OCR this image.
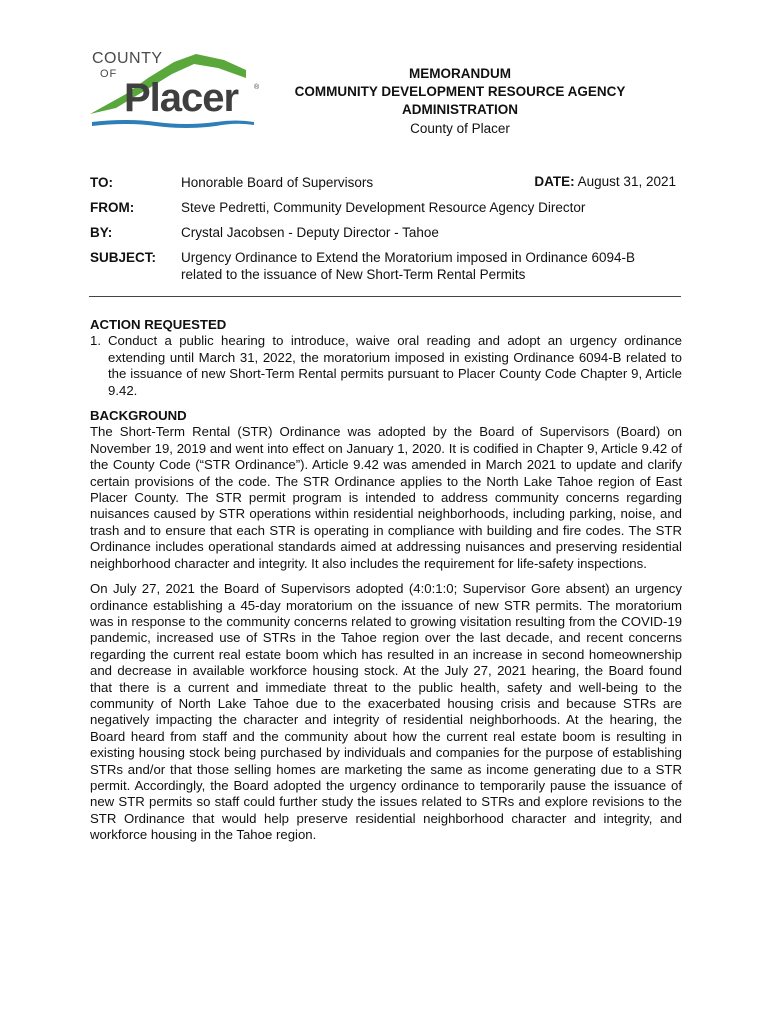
COUNTY
OF
Placer ®
MEMORANDUM
COMMUNITY DEVELOPMENT RESOURCE AGENCY
ADMINISTRATION
County of Placer
TO:	Honorable Board of Supervisors	DATE: August 31, 2021
FROM:	Steve Pedretti, Community Development Resource Agency Director
BY:	Crystal Jacobsen - Deputy Director - Tahoe
SUBJECT: Urgency Ordinance to Extend the Moratorium imposed in Ordinance 6094-B related to the issuance of New Short-Term Rental Permits
ACTION REQUESTED
1. Conduct a public hearing to introduce, waive oral reading and adopt an urgency ordinance extending until March 31, 2022, the moratorium imposed in existing Ordinance 6094-B related to the issuance of new Short-Term Rental permits pursuant to Placer County Code Chapter 9, Article 9.42.
BACKGROUND

The Short-Term Rental (STR) Ordinance was adopted by the Board of Supervisors (Board) on November 19, 2019 and went into effect on January 1, 2020. It is codified in Chapter 9, Article 9.42 of the County Code (“STR Ordinance”). Article 9.42 was amended in March 2021 to update and clarify certain provisions of the code. The STR Ordinance applies to the North Lake Tahoe region of East Placer County. The STR permit program is intended to address community concerns regarding nuisances caused by STR operations within residential neighborhoods, including parking, noise, and trash and to ensure that each STR is operating in compliance with building and fire codes. The STR Ordinance includes operational standards aimed at addressing nuisances and preserving residential neighborhood character and integrity. It also includes the requirement for life-safety inspections.

On July 27, 2021 the Board of Supervisors adopted (4:0:1:0; Supervisor Gore absent) an urgency ordinance establishing a 45-day moratorium on the issuance of new STR permits. The moratorium was in response to the community concerns related to growing visitation resulting from the COVID-19 pandemic, increased use of STRs in the Tahoe region over the last decade, and recent concerns regarding the current real estate boom which has resulted in an increase in second homeownership and decrease in available workforce housing stock. At the July 27, 2021 hearing, the Board found that there is a current and immediate threat to the public health, safety and well-being to the community of North Lake Tahoe due to the exacerbated housing crisis and because STRs are negatively impacting the character and integrity of residential neighborhoods. At the hearing, the Board heard from staff and the community about how the current real estate boom is resulting in existing housing stock being purchased by individuals and companies for the purpose of establishing STRs and/or that those selling homes are marketing the same as income generating due to a STR permit. Accordingly, the Board adopted the urgency ordinance to temporarily pause the issuance of new STR permits so staff could further study the issues related to STRs and explore revisions to the STR Ordinance that would help preserve residential neighborhood character and integrity, and workforce housing in the Tahoe region.
